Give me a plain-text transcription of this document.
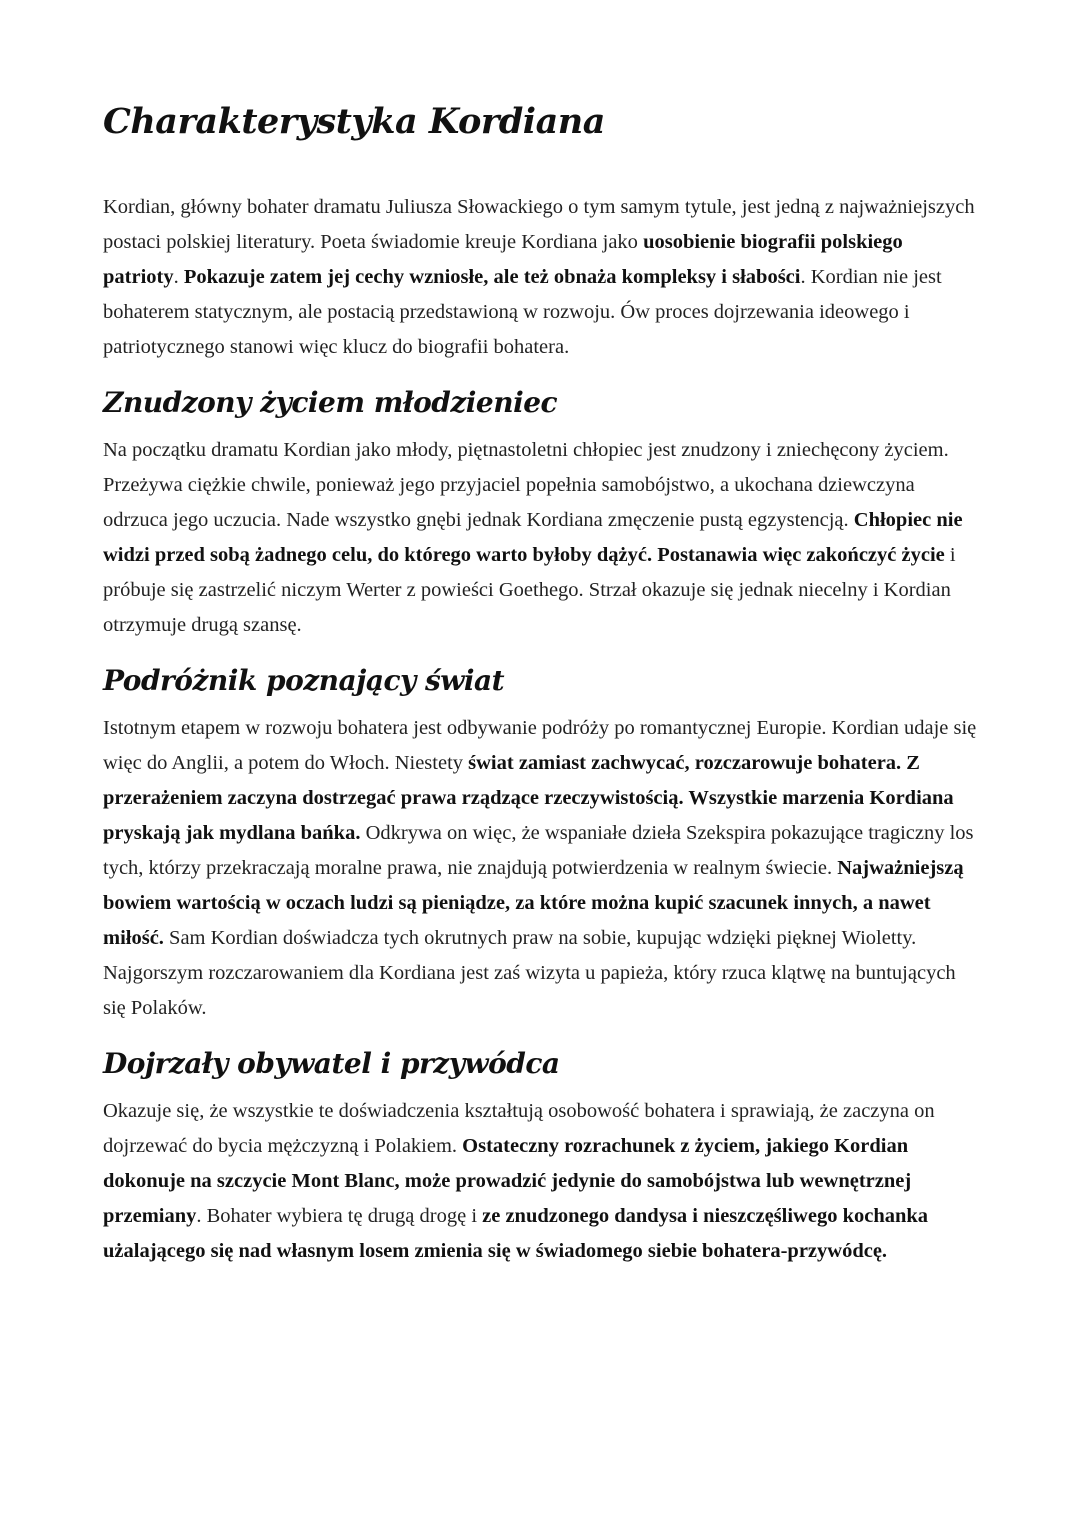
Charakterystyka Kordiana

Kordian, główny bohater dramatu Juliusza Słowackiego o tym samym tytule, jest jedną z najważniejszych postaci polskiej literatury. Poeta świadomie kreuje Kordiana jako uosobienie biografii polskiego patrioty. Pokazuje zatem jej cechy wzniosłe, ale też obnaża kompleksy i słabości. Kordian nie jest bohaterem statycznym, ale postacią przedstawioną w rozwoju. Ów proces dojrzewania ideowego i patriotycznego stanowi więc klucz do biografii bohatera.

Znudzony życiem młodzieniec

Na początku dramatu Kordian jako młody, piętnastoletni chłopiec jest znudzony i zniechęcony życiem. Przeżywa ciężkie chwile, ponieważ jego przyjaciel popełnia samobójstwo, a ukochana dziewczyna odrzuca jego uczucia. Nade wszystko gnębi jednak Kordiana zmęczenie pustą egzystencją. Chłopiec nie widzi przed sobą żadnego celu, do którego warto byłoby dążyć. Postanawia więc zakończyć życie i próbuje się zastrzelić niczym Werter z powieści Goethego. Strzał okazuje się jednak niecelny i Kordian otrzymuje drugą szansę.

Podróżnik poznający świat

Istotnym etapem w rozwoju bohatera jest odbywanie podróży po romantycznej Europie. Kordian udaje się więc do Anglii, a potem do Włoch. Niestety świat zamiast zachwycać, rozczarowuje bohatera. Z przerażeniem zaczyna dostrzegać prawa rządzące rzeczywistością. Wszystkie marzenia Kordiana pryskają jak mydlana bańka. Odkrywa on więc, że wspaniałe dzieła Szekspira pokazujące tragiczny los tych, którzy przekraczają moralne prawa, nie znajdują potwierdzenia w realnym świecie. Najważniejszą bowiem wartością w oczach ludzi są pieniądze, za które można kupić szacunek innych, a nawet miłość. Sam Kordian doświadcza tych okrutnych praw na sobie, kupując wdzięki pięknej Wioletty. Najgorszym rozczarowaniem dla Kordiana jest zaś wizyta u papieża, który rzuca klątwę na buntujących się Polaków.

Dojrzały obywatel i przywódca

Okazuje się, że wszystkie te doświadczenia kształtują osobowość bohatera i sprawiają, że zaczyna on dojrzewać do bycia mężczyzną i Polakiem. Ostateczny rozrachunek z życiem, jakiego Kordian dokonuje na szczycie Mont Blanc, może prowadzić jedynie do samobójstwa lub wewnętrznej przemiany. Bohater wybiera tę drugą drogę i ze znudzonego dandysa i nieszczęśliwego kochanka użalającego się nad własnym losem zmienia się w świadomego siebie bohatera-przywódcę.
